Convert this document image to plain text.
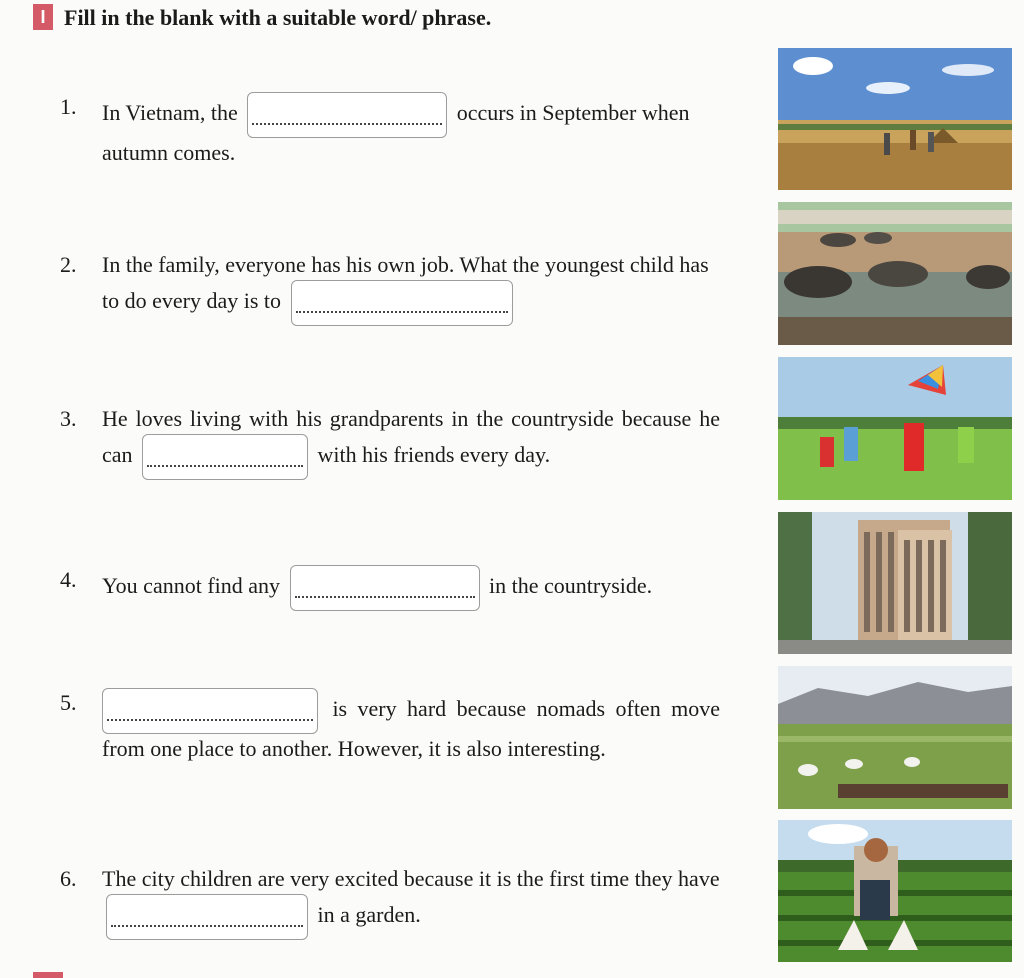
I Fill in the blank with a suitable word/ phrase.
1. In Vietnam, the	occurs in September when autumn comes.
2. In the family, everyone has his own job. What the youngest child has to do every day is to
3. He loves living with his grandparents in the countryside because he can	with his friends every day.
4. You cannot find any	in the countryside.
5.	is very hard because nomads often move from one place to another. However, it is also interesting.
6. The city children are very excited because it is the first time they have
in a garden.
